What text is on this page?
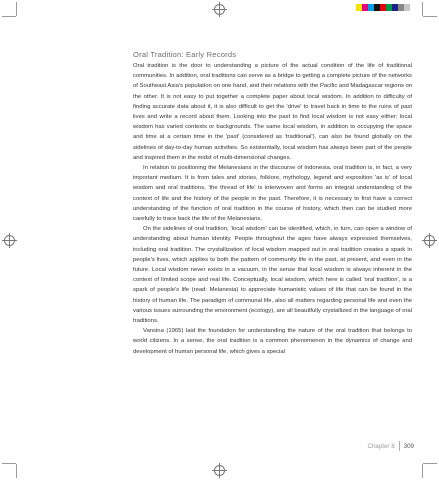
Oral Tradition: Early Records

Oral tradition is the door to understanding a picture of the actual condition of the life of traditional communities. In addition, oral traditions can serve as a bridge to getting a complete picture of the networks of Southeast Asia's population on one hand, and their relations with the Pacific and Madagascar regions on the other. It is not easy to put together a complete paper about local wisdom. In addition to difficulty of finding accurate data about it, it is also difficult to get the 'drive' to travel back in time to the ruins of past lives and write a record about them. Looking into the past to find local wisdom is not easy either; local wisdom has varied contexts or backgrounds. The same local wisdom, in addition to occupying the space and time at a certain time in the 'past' (considered as 'traditional'), can also be found globally on the sidelines of day-to-day human activities. So existentially, local wisdom has always been part of the people and inspired them in the midst of multi-dimensional changes.

In relation to positioning the Melanesians in the discourse of Indonesia, oral tradition is, in fact, a very important medium. It is from tales and stories, folklore, mythology, legend and exposition 'as is' of local wisdom and oral traditions, 'the thread of life' is interwoven and forms an integral understanding of the context of life and the history of the people in the past. Therefore, it is necessary to first have a correct understanding of the function of oral tradition in the course of history, which then can be studied more carefully to trace back the life of the Melanesians.

On the sidelines of oral tradition, 'local wisdom' can be identified, which, in turn, can open a window of understanding about human identity. People throughout the ages have always expressed themselves, including oral tradition. The crystallization of local wisdom mapped out in oral tradition creates a spark in people's lives, which applies to both the pattern of community life in the past, at present, and even in the future. Local wisdom never exists in a vacuum, in the sense that local wisdom is always inherent in the context of limited scope and real life. Conceptually, local wisdom, which here is called 'oral tradition', is a spark of people's life (read: Melanesia) to appreciate humanistic values of life that can be found in the history of human life. The paradigm of communal life, also all matters regarding personal life and even the various issues surrounding the environment (ecology), are all beautifully crystallized in the language of oral traditions.

Vansina (1965) laid the foundation for understanding the nature of the oral tradition that belongs to world citizens. In a sense, the oral tradition is a common phenomenon in the dynamics of change and development of human personal life, which gives a special

Chapter 8 309
